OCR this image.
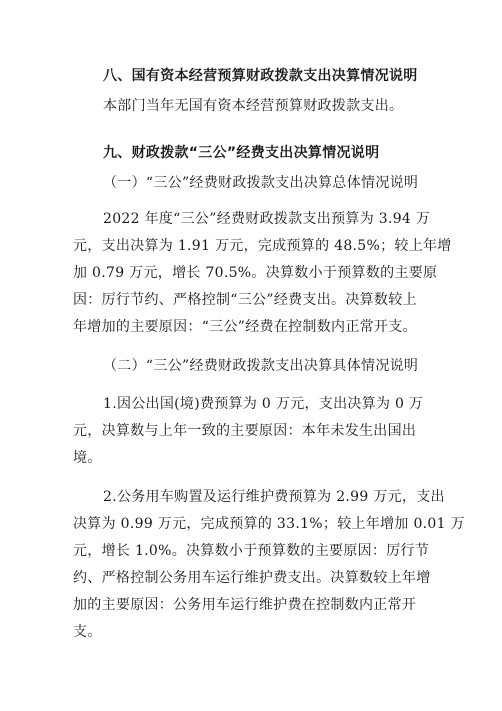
八、国有资本经营预算财政拨款支出决算情况说明
本部门当年无国有资本经营预算财政拨款支出。
九、财政拨款“三公”经费支出决算情况说明
（一）“三公”经费财政拨款支出决算总体情况说明
2022 年度“三公”经费财政拨款支出预算为 3.94 万
元，支出决算为 1.91 万元，完成预算的 48.5%；较上年增
加 0.79 万元，增长 70.5%。决算数小于预算数的主要原
因：厉行节约、严格控制“三公”经费支出。决算数较上
年增加的主要原因：“三公”经费在控制数内正常开支。
（二）“三公”经费财政拨款支出决算具体情况说明
1.因公出国(境)费预算为 0 万元，支出决算为 0 万
元，决算数与上年一致的主要原因：本年未发生出国出
境。
2.公务用车购置及运行维护费预算为 2.99 万元，支出
决算为 0.99 万元，完成预算的 33.1%；较上年增加 0.01 万
元，增长 1.0%。决算数小于预算数的主要原因：厉行节
约、严格控制公务用车运行维护费支出。决算数较上年增
加的主要原因：公务用车运行维护费在控制数内正常开
支。
